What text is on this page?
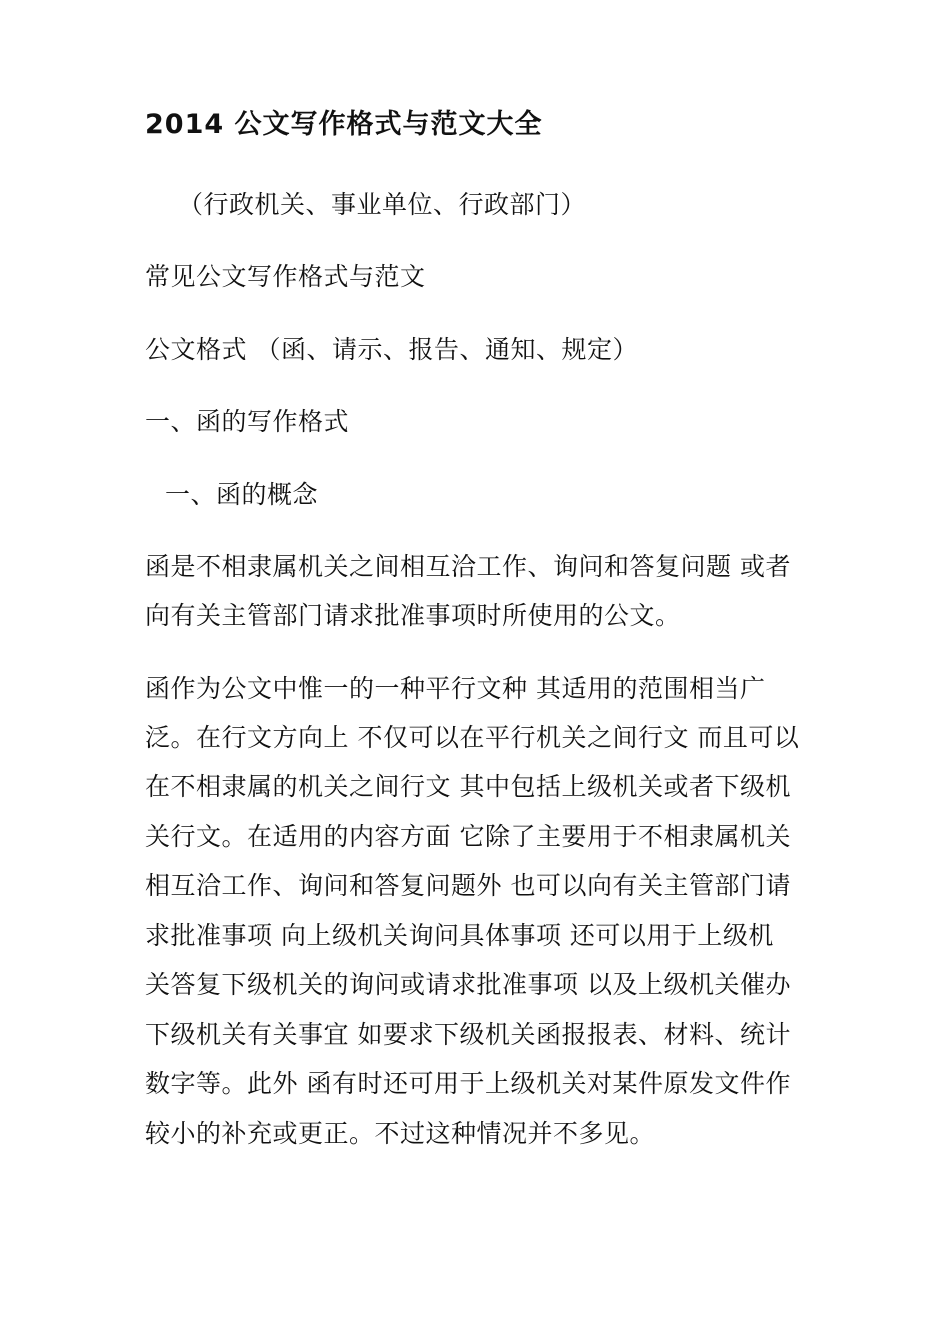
2014 公文写作格式与范文大全
（行政机关、事业单位、行政部门）
常见公文写作格式与范文
公文格式 （函、请示、报告、通知、规定）
一、函的写作格式
一、函的概念
函是不相隶属机关之间相互洽工作、询问和答复问题 或者
向有关主管部门请求批准事项时所使用的公文。
函作为公文中惟一的一种平行文种 其适用的范围相当广
泛。在行文方向上 不仅可以在平行机关之间行文 而且可以
在不相隶属的机关之间行文 其中包括上级机关或者下级机
关行文。在适用的内容方面 它除了主要用于不相隶属机关
相互洽工作、询问和答复问题外 也可以向有关主管部门请
求批准事项 向上级机关询问具体事项 还可以用于上级机
关答复下级机关的询问或请求批准事项 以及上级机关催办
下级机关有关事宜 如要求下级机关函报报表、材料、统计
数字等。此外 函有时还可用于上级机关对某件原发文件作
较小的补充或更正。不过这种情况并不多见。
